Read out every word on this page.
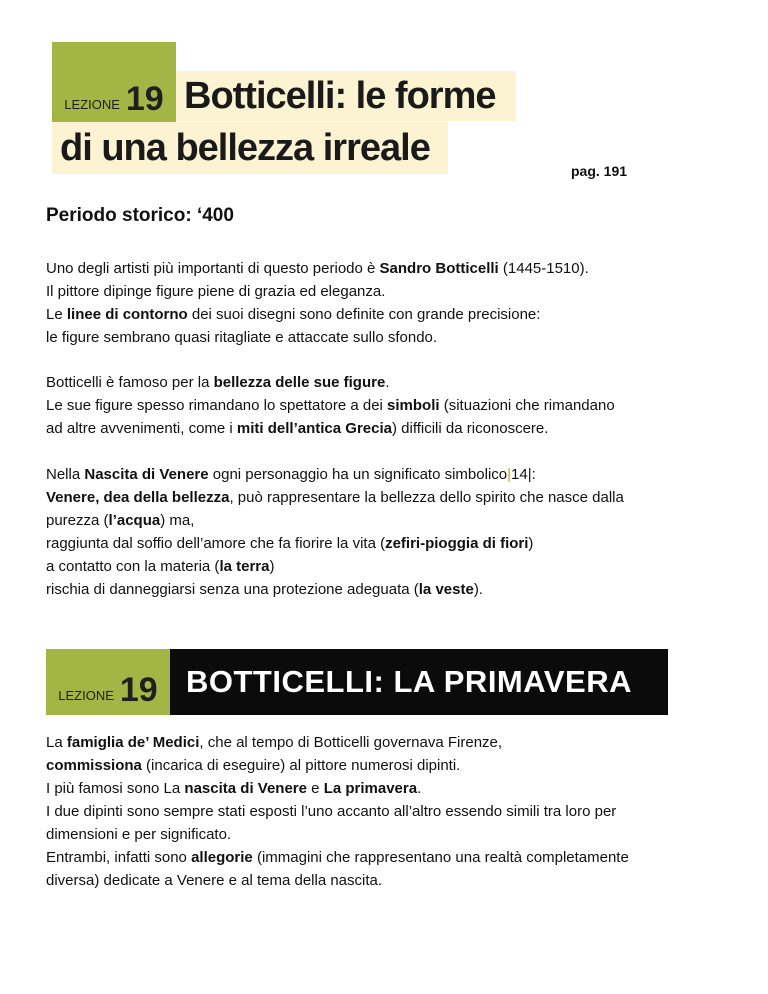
LEZIONE 19 Botticelli: le forme
di una bellezza irreale
pag. 191
Periodo storico: ‘400

Uno degli artisti più importanti di questo periodo è Sandro Botticelli (1445-1510).
Il pittore dipinge figure piene di grazia ed eleganza.
Le linee di contorno dei suoi disegni sono definite con grande precisione:
le figure sembrano quasi ritagliate e attaccate sullo sfondo.

Botticelli è famoso per la bellezza delle sue figure.
Le sue figure spesso rimandano lo spettatore a dei simboli (situazioni che rimandano
ad altre avvenimenti, come i miti dell’antica Grecia) difficili da riconoscere.

Nella Nascita di Venere ogni personaggio ha un significato simbolico|14|:
Venere, dea della bellezza, può rappresentare la bellezza dello spirito che nasce dalla
purezza (l’acqua) ma,
raggiunta dal soffio dell’amore che fa fiorire la vita (zefiri-pioggia di fiori)
a contatto con la materia (la terra)
rischia di danneggiarsi senza una protezione adeguata (la veste).

LEZIONE 19 BOTTICELLI: LA PRIMAVERA

La famiglia de’ Medici, che al tempo di Botticelli governava Firenze,
commissiona (incarica di eseguire) al pittore numerosi dipinti.
I più famosi sono La nascita di Venere e La primavera.
I due dipinti sono sempre stati esposti l’uno accanto all’altro essendo simili tra loro per
dimensioni e per significato.
Entrambi, infatti sono allegorie (immagini che rappresentano una realtà completamente
diversa) dedicate a Venere e al tema della nascita.
